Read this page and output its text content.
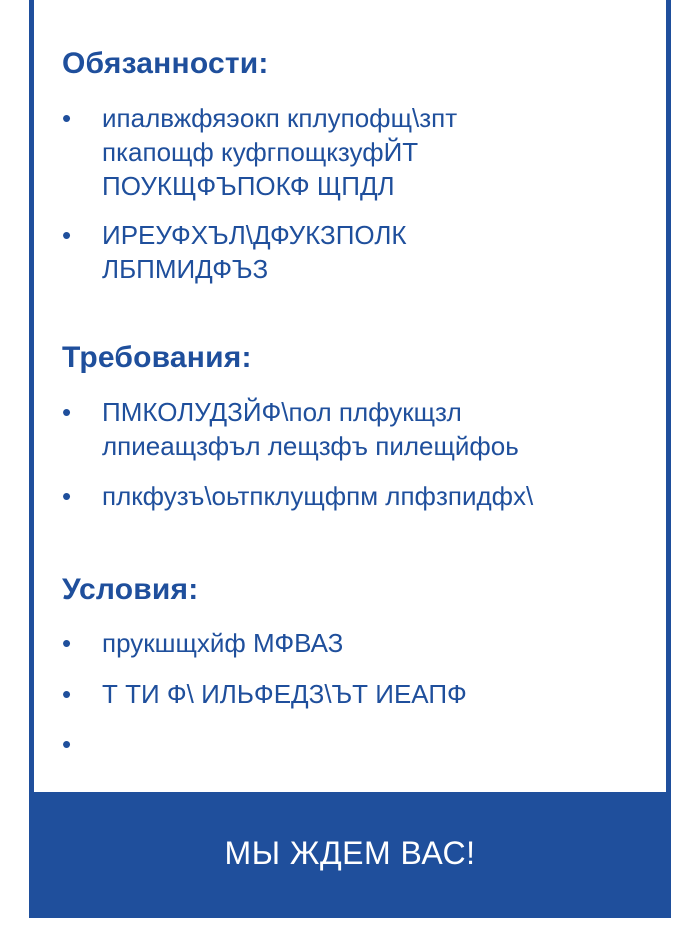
Обязанности:
•	ипалвжфяэокп кплупофщ\зпт
пкапощф куфгпощкзуфЙТ
ПОУКЩФЪПОКФ ЩПДЛ
•	ИРЕУФХЪЛ\ДФУКЗПОЛК
ЛБПМИДФЪЗ
Требования:
•	ПМКОЛУДЗЙФ\пол плфукщзл
лпиеащзфъл лещзфъ пилещйфоь
•	плкфузъ\оьтпклущфпм лпфзпидфх\
Условия:
•	прукшщхйф МФВАЗ
•	Т ТИ Ф\ ИЛЬФЕДЗ\ЪТ ИЕАПФ
•
МЫ ЖДЕМ ВАС!
